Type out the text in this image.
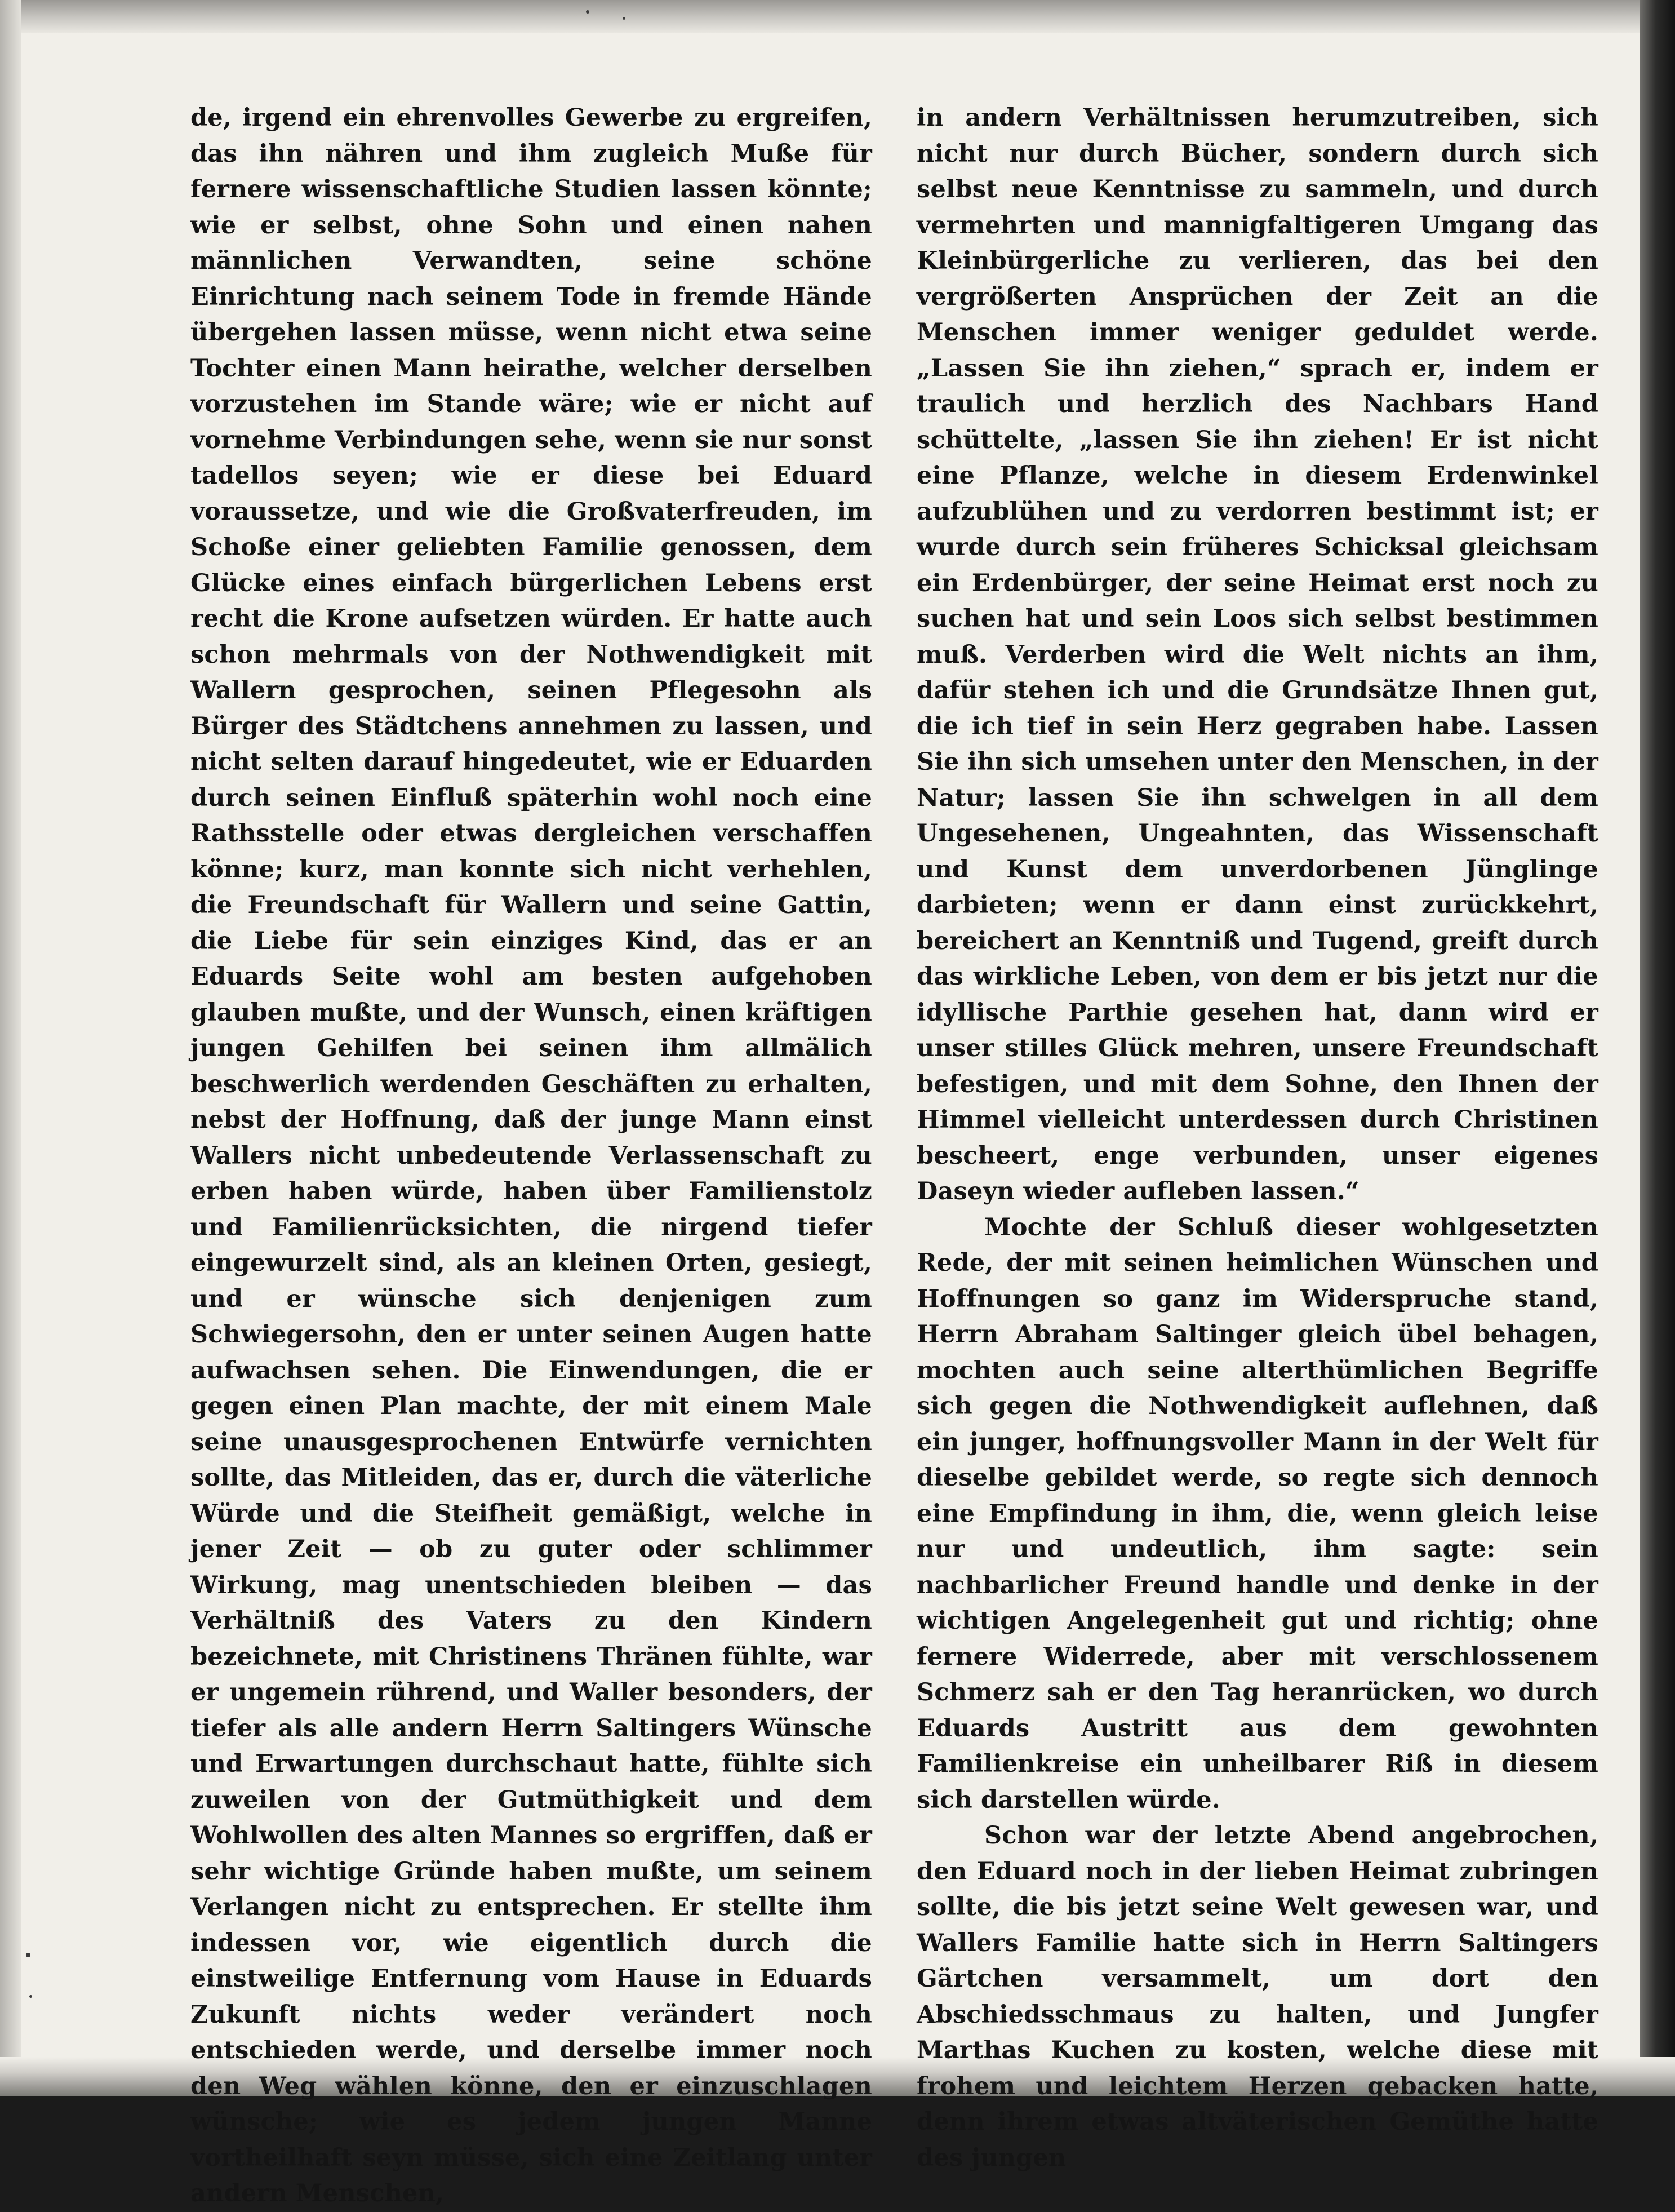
de, irgend ein ehrenvolles Gewerbe zu ergreifen, das ihn nähren und ihm zugleich Muße für fernere wissenschaftliche Studien lassen könnte; wie er selbst, ohne Sohn und einen nahen männlichen Verwandten, seine schöne Einrichtung nach seinem Tode in fremde Hände übergehen lassen müsse, wenn nicht etwa seine Tochter einen Mann heirathe, welcher derselben vorzustehen im Stande wäre; wie er nicht auf vornehme Verbindungen sehe, wenn sie nur sonst tadellos seyen; wie er diese bei Eduard voraussetze, und wie die Großvaterfreuden, im Schoße einer geliebten Familie genossen, dem Glücke eines einfach bürgerlichen Lebens erst recht die Krone aufsetzen würden. Er hatte auch schon mehrmals von der Nothwendigkeit mit Wallern gesprochen, seinen Pflegesohn als Bürger des Städtchens annehmen zu lassen, und nicht selten darauf hingedeutet, wie er Eduarden durch seinen Einfluß späterhin wohl noch eine Rathsstelle oder etwas dergleichen verschaffen könne; kurz, man konnte sich nicht verhehlen, die Freundschaft für Wallern und seine Gattin, die Liebe für sein einziges Kind, das er an Eduards Seite wohl am besten aufgehoben glauben mußte, und der Wunsch, einen kräftigen jungen Gehilfen bei seinen ihm allmälich beschwerlich werdenden Geschäften zu erhalten, nebst der Hoffnung, daß der junge Mann einst Wallers nicht unbedeutende Verlassenschaft zu erben haben würde, haben über Familienstolz und Familienrücksichten, die nirgend tiefer eingewurzelt sind, als an kleinen Orten, gesiegt, und er wünsche sich denjenigen zum Schwiegersohn, den er unter seinen Augen hatte aufwachsen sehen. Die Einwendungen, die er gegen einen Plan machte, der mit einem Male seine unausgesprochenen Entwürfe vernichten sollte, das Mitleiden, das er, durch die väterliche Würde und die Steifheit gemäßigt, welche in jener Zeit — ob zu guter oder schlimmer Wirkung, mag unentschieden bleiben — das Verhältniß des Vaters zu den Kindern bezeichnete, mit Christinens Thränen fühlte, war er ungemein rührend, und Waller besonders, der tiefer als alle andern Herrn Saltingers Wünsche und Erwartungen durchschaut hatte, fühlte sich zuweilen von der Gutmüthigkeit und dem Wohlwollen des alten Mannes so ergriffen, daß er sehr wichtige Gründe haben mußte, um seinem Verlangen nicht zu entsprechen. Er stellte ihm indessen vor, wie eigentlich durch die einstweilige Entfernung vom Hause in Eduards Zukunft nichts weder verändert noch entschieden werde, und derselbe immer noch den Weg wählen könne, den er einzuschlagen wünsche; wie es jedem jungen Manne vortheilhaft seyn müsse, sich eine Zeitlang unter andern Menschen,

in andern Verhältnissen herumzutreiben, sich nicht nur durch Bücher, sondern durch sich selbst neue Kenntnisse zu sammeln, und durch vermehrten und mannigfaltigeren Umgang das Kleinbürgerliche zu verlieren, das bei den vergrößerten Ansprüchen der Zeit an die Menschen immer weniger geduldet werde. „Lassen Sie ihn ziehen,“ sprach er, indem er traulich und herzlich des Nachbars Hand schüttelte, „lassen Sie ihn ziehen! Er ist nicht eine Pflanze, welche in diesem Erdenwinkel aufzublühen und zu verdorren bestimmt ist; er wurde durch sein früheres Schicksal gleichsam ein Erdenbürger, der seine Heimat erst noch zu suchen hat und sein Loos sich selbst bestimmen muß. Verderben wird die Welt nichts an ihm, dafür stehen ich und die Grundsätze Ihnen gut, die ich tief in sein Herz gegraben habe. Lassen Sie ihn sich umsehen unter den Menschen, in der Natur; lassen Sie ihn schwelgen in all dem Ungesehenen, Ungeahnten, das Wissenschaft und Kunst dem unverdorbenen Jünglinge darbieten; wenn er dann einst zurückkehrt, bereichert an Kenntniß und Tugend, greift durch das wirkliche Leben, von dem er bis jetzt nur die idyllische Parthie gesehen hat, dann wird er unser stilles Glück mehren, unsere Freundschaft befestigen, und mit dem Sohne, den Ihnen der Himmel vielleicht unterdessen durch Christinen bescheert, enge verbunden, unser eigenes Daseyn wieder aufleben lassen.“

Mochte der Schluß dieser wohlgesetzten Rede, der mit seinen heimlichen Wünschen und Hoffnungen so ganz im Widerspruche stand, Herrn Abraham Saltinger gleich übel behagen, mochten auch seine alterthümlichen Begriffe sich gegen die Nothwendigkeit auflehnen, daß ein junger, hoffnungsvoller Mann in der Welt für dieselbe gebildet werde, so regte sich dennoch eine Empfindung in ihm, die, wenn gleich leise nur und undeutlich, ihm sagte: sein nachbarlicher Freund handle und denke in der wichtigen Angelegenheit gut und richtig; ohne fernere Widerrede, aber mit verschlossenem Schmerz sah er den Tag heranrücken, wo durch Eduards Austritt aus dem gewohnten Familienkreise ein unheilbarer Riß in diesem sich darstellen würde.

Schon war der letzte Abend angebrochen, den Eduard noch in der lieben Heimat zubringen sollte, die bis jetzt seine Welt gewesen war, und Wallers Familie hatte sich in Herrn Saltingers Gärtchen versammelt, um dort den Abschiedsschmaus zu halten, und Jungfer Marthas Kuchen zu kosten, welche diese mit frohem und leichtem Herzen gebacken hatte, denn ihrem etwas altväterischen Gemüthe hatte des jungen
